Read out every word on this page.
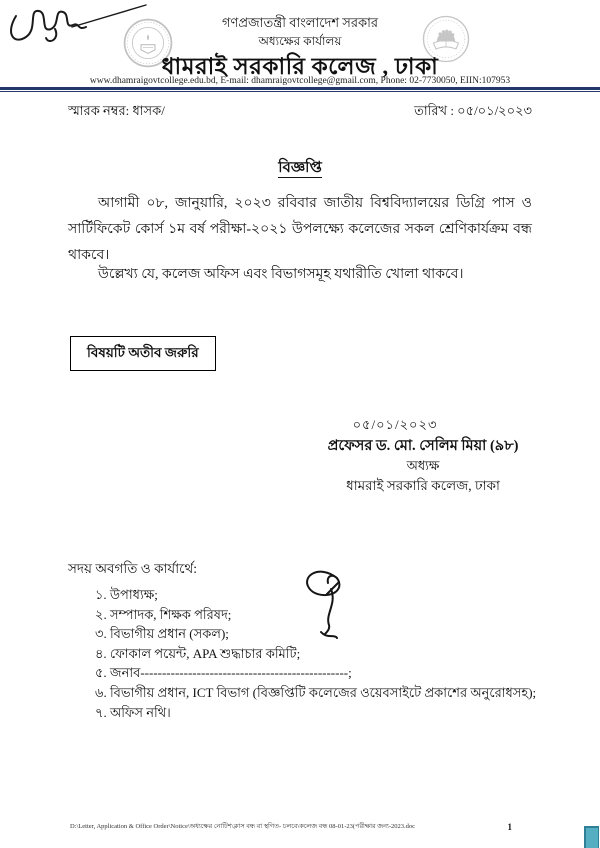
গণপ্রজাতন্ত্রী বাংলাদেশ সরকার
অধ্যক্ষের কার্যালয়
ধামরাই সরকারি কলেজ , ঢাকা
www.dhamraigovtcollege.edu.bd, E-mail: dhamraigovtcollege@gmail.com, Phone: 02-7730050, EIIN:107953
স্মারক নম্বর: ধাসক/	তারিখ : ০৫/০১/২০২৩
বিজ্ঞপ্তি

আগামী ০৮, জানুয়ারি, ২০২৩ রবিবার জাতীয় বিশ্ববিদ্যালয়ের ডিগ্রি পাস ও সার্টিফিকেট কোর্স ১ম বর্ষ পরীক্ষা-২০২১ উপলক্ষ্যে কলেজের সকল শ্রেণিকার্যক্রম বন্ধ থাকবে।

উল্লেখ্য যে, কলেজ অফিস এবং বিভাগসমূহ যথারীতি খোলা থাকবে।

বিষয়টি অতীব জরুরি
০৫/০১/২০২৩
প্রফেসর ড. মো. সেলিম মিয়া (৯৮)
অধ্যক্ষ
ধামরাই সরকারি কলেজ, ঢাকা
সদয় অবগতি ও কার্যার্থে:
১. উপাধ্যক্ষ;
২. সম্পাদক, শিক্ষক পরিষদ;
৩. বিভাগীয় প্রধান (সকল);
৪. ফোকাল পয়েন্ট, APA শুদ্ধাচার কমিটি;
৫. জনাব------------------------------------------------;
৬. বিভাগীয় প্রধান, ICT বিভাগ (বিজ্ঞপ্তিটি কলেজের ওয়েবসাইটে প্রকাশের অনুরোধসহ);
৭. অফিস নথি।
D:\Letter, Application & Office Order\Notice\অধ্যক্ষের নোটিশ\ক্লাস বন্ধ বা স্থগিত- চলবে\কলেজ বন্ধ 08-01-23(পরীক্ষার জন্য-2023.doc	1
